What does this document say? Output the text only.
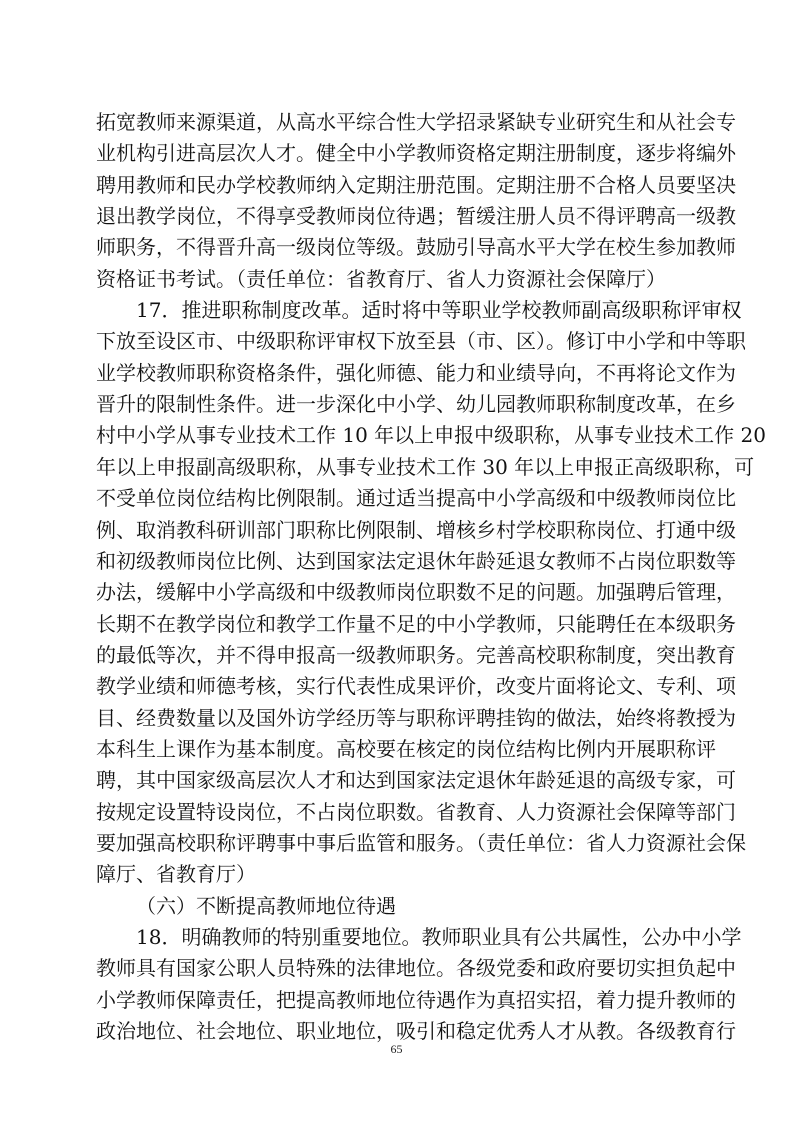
拓宽教师来源渠道，从高水平综合性大学招录紧缺专业研究生和从社会专
业机构引进高层次人才。健全中小学教师资格定期注册制度，逐步将编外
聘用教师和民办学校教师纳入定期注册范围。定期注册不合格人员要坚决
退出教学岗位，不得享受教师岗位待遇；暂缓注册人员不得评聘高一级教
师职务，不得晋升高一级岗位等级。鼓励引导高水平大学在校生参加教师
资格证书考试。（责任单位：省教育厅、省人力资源社会保障厅）
17．推进职称制度改革。适时将中等职业学校教师副高级职称评审权
下放至设区市、中级职称评审权下放至县（市、区）。修订中小学和中等职
业学校教师职称资格条件，强化师德、能力和业绩导向，不再将论文作为
晋升的限制性条件。进一步深化中小学、幼儿园教师职称制度改革，在乡
村中小学从事专业技术工作 10 年以上申报中级职称，从事专业技术工作 20
年以上申报副高级职称，从事专业技术工作 30 年以上申报正高级职称，可
不受单位岗位结构比例限制。通过适当提高中小学高级和中级教师岗位比
例、取消教科研训部门职称比例限制、增核乡村学校职称岗位、打通中级
和初级教师岗位比例、达到国家法定退休年龄延退女教师不占岗位职数等
办法，缓解中小学高级和中级教师岗位职数不足的问题。加强聘后管理，
长期不在教学岗位和教学工作量不足的中小学教师，只能聘任在本级职务
的最低等次，并不得申报高一级教师职务。完善高校职称制度，突出教育
教学业绩和师德考核，实行代表性成果评价，改变片面将论文、专利、项
目、经费数量以及国外访学经历等与职称评聘挂钩的做法，始终将教授为
本科生上课作为基本制度。高校要在核定的岗位结构比例内开展职称评
聘，其中国家级高层次人才和达到国家法定退休年龄延退的高级专家，可
按规定设置特设岗位，不占岗位职数。省教育、人力资源社会保障等部门
要加强高校职称评聘事中事后监管和服务。（责任单位：省人力资源社会保
障厅、省教育厅）
（六）不断提高教师地位待遇
18．明确教师的特别重要地位。教师职业具有公共属性，公办中小学
教师具有国家公职人员特殊的法律地位。各级党委和政府要切实担负起中
小学教师保障责任，把提高教师地位待遇作为真招实招，着力提升教师的
政治地位、社会地位、职业地位，吸引和稳定优秀人才从教。各级教育行
65
